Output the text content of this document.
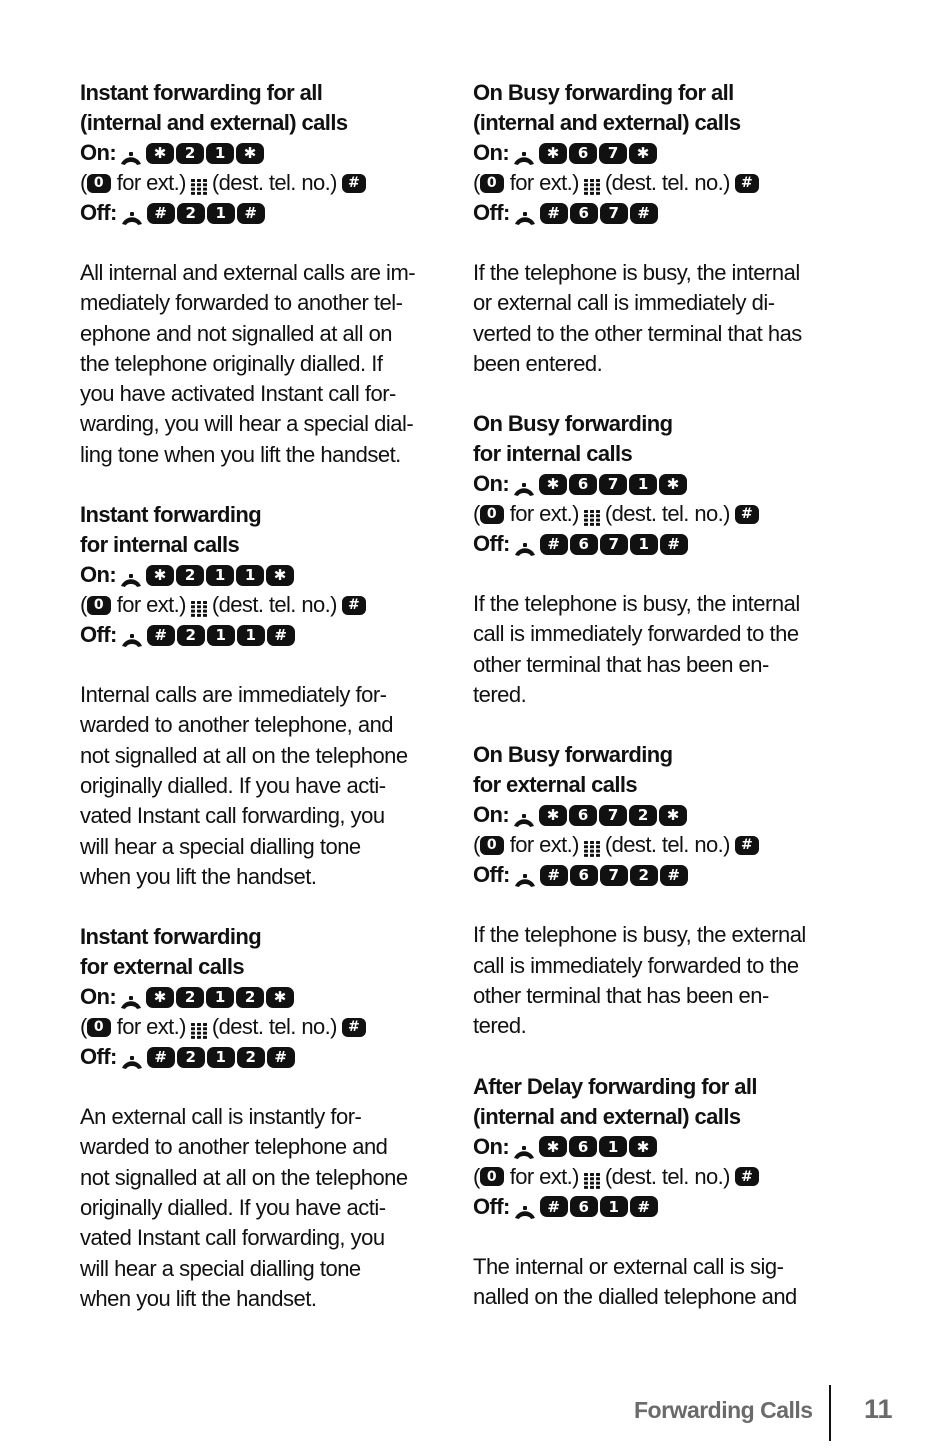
Instant forwarding for all
(internal and external) calls
On:	✱	2	1	✱
( 0 for ext.) (dest. tel. no.) #
Off:	#	2	1	#
All internal and external calls are im-
mediately forwarded to another tel-
ephone and not signalled at all on
the telephone originally dialled. If
you have activated Instant call for-
warding, you will hear a special dial-
ling tone when you lift the handset.
Instant forwarding
for internal calls
On:	✱	2	1	1	✱
( 0 for ext.) (dest. tel. no.) #
Off:	#	2	1	1	#
Internal calls are immediately for-
warded to another telephone, and
not signalled at all on the telephone
originally dialled. If you have acti-
vated Instant call forwarding, you
will hear a special dialling tone
when you lift the handset.
Instant forwarding
for external calls
On:	✱	2	1	2	✱
( 0 for ext.) (dest. tel. no.) #
Off:	#	2	1	2	#
An external call is instantly for-
warded to another telephone and
not signalled at all on the telephone
originally dialled. If you have acti-
vated Instant call forwarding, you
will hear a special dialling tone
when you lift the handset.
On Busy forwarding for all
(internal and external) calls
On:	✱	6	7	✱
( 0 for ext.) (dest. tel. no.) #
Off:	#	6	7	#
If the telephone is busy, the internal
or external call is immediately di-
verted to the other terminal that has
been entered.
On Busy forwarding
for internal calls
On:	✱	6	7	1	✱
( 0 for ext.) (dest. tel. no.) #
Off:	#	6	7	1	#
If the telephone is busy, the internal
call is immediately forwarded to the
other terminal that has been en-
tered.
On Busy forwarding
for external calls
On:	✱	6	7	2	✱
( 0 for ext.) (dest. tel. no.) #
Off:	#	6	7	2	#
If the telephone is busy, the external
call is immediately forwarded to the
other terminal that has been en-
tered.
After Delay forwarding for all
(internal and external) calls
On:	✱	6	1	✱
( 0 for ext.) (dest. tel. no.) #
Off:	#	6	1	#
The internal or external call is sig-
nalled on the dialled telephone and
Forwarding Calls 11
